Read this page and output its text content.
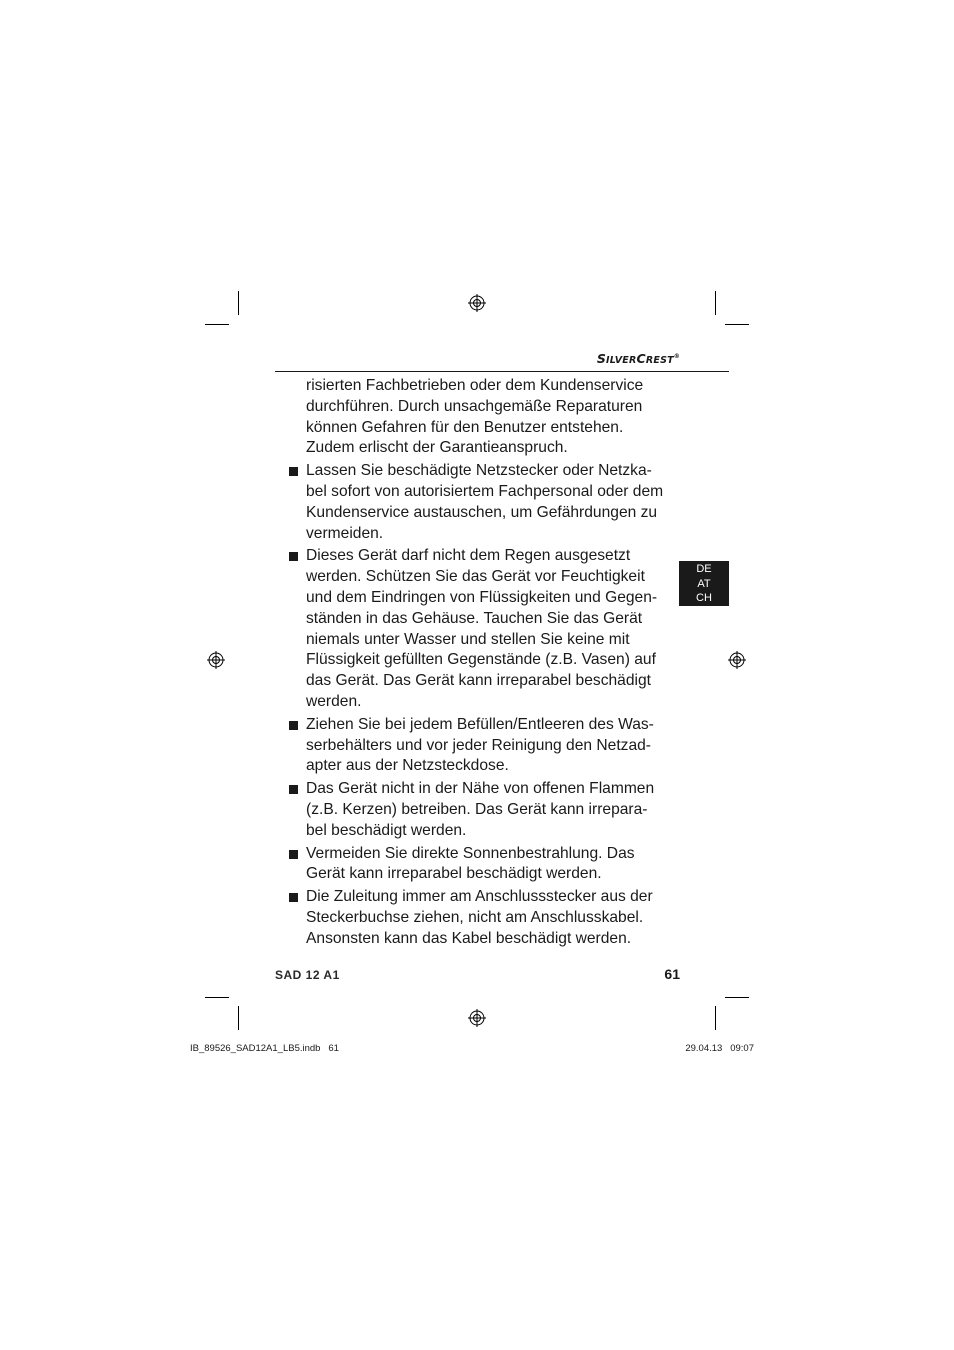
SILVERCREST®
DE
AT
CH
risierten Fachbetrieben oder dem Kundenservice
durchführen. Durch unsachgemäße Reparaturen
können Gefahren für den Benutzer entstehen.
Zudem erlischt der Garantieanspruch.
Lassen Sie beschädigte Netzstecker oder Netzka-
bel sofort von autorisiertem Fachpersonal oder dem
Kundenservice austauschen, um Gefährdungen zu
vermeiden.
Dieses Gerät darf nicht dem Regen ausgesetzt
werden. Schützen Sie das Gerät vor Feuchtigkeit
und dem Eindringen von Flüssigkeiten und Gegen-
ständen in das Gehäuse. Tauchen Sie das Gerät
niemals unter Wasser und stellen Sie keine mit
Flüssigkeit gefüllten Gegenstände (z.B. Vasen) auf
das Gerät. Das Gerät kann irreparabel beschädigt
werden.
Ziehen Sie bei jedem Befüllen/Entleeren des Was-
serbehälters und vor jeder Reinigung den Netzad-
apter aus der Netzsteckdose.
Das Gerät nicht in der Nähe von offenen Flammen
(z.B. Kerzen) betreiben. Das Gerät kann irrepara-
bel beschädigt werden.
Vermeiden Sie direkte Sonnenbestrahlung. Das
Gerät kann irreparabel beschädigt werden.
Die Zuleitung immer am Anschlussstecker aus der
Steckerbuchse ziehen, nicht am Anschlusskabel.
Ansonsten kann das Kabel beschädigt werden.
SAD 12 A1	61
IB_89526_SAD12A1_LB5.indb   61	29.04.13   09:07
